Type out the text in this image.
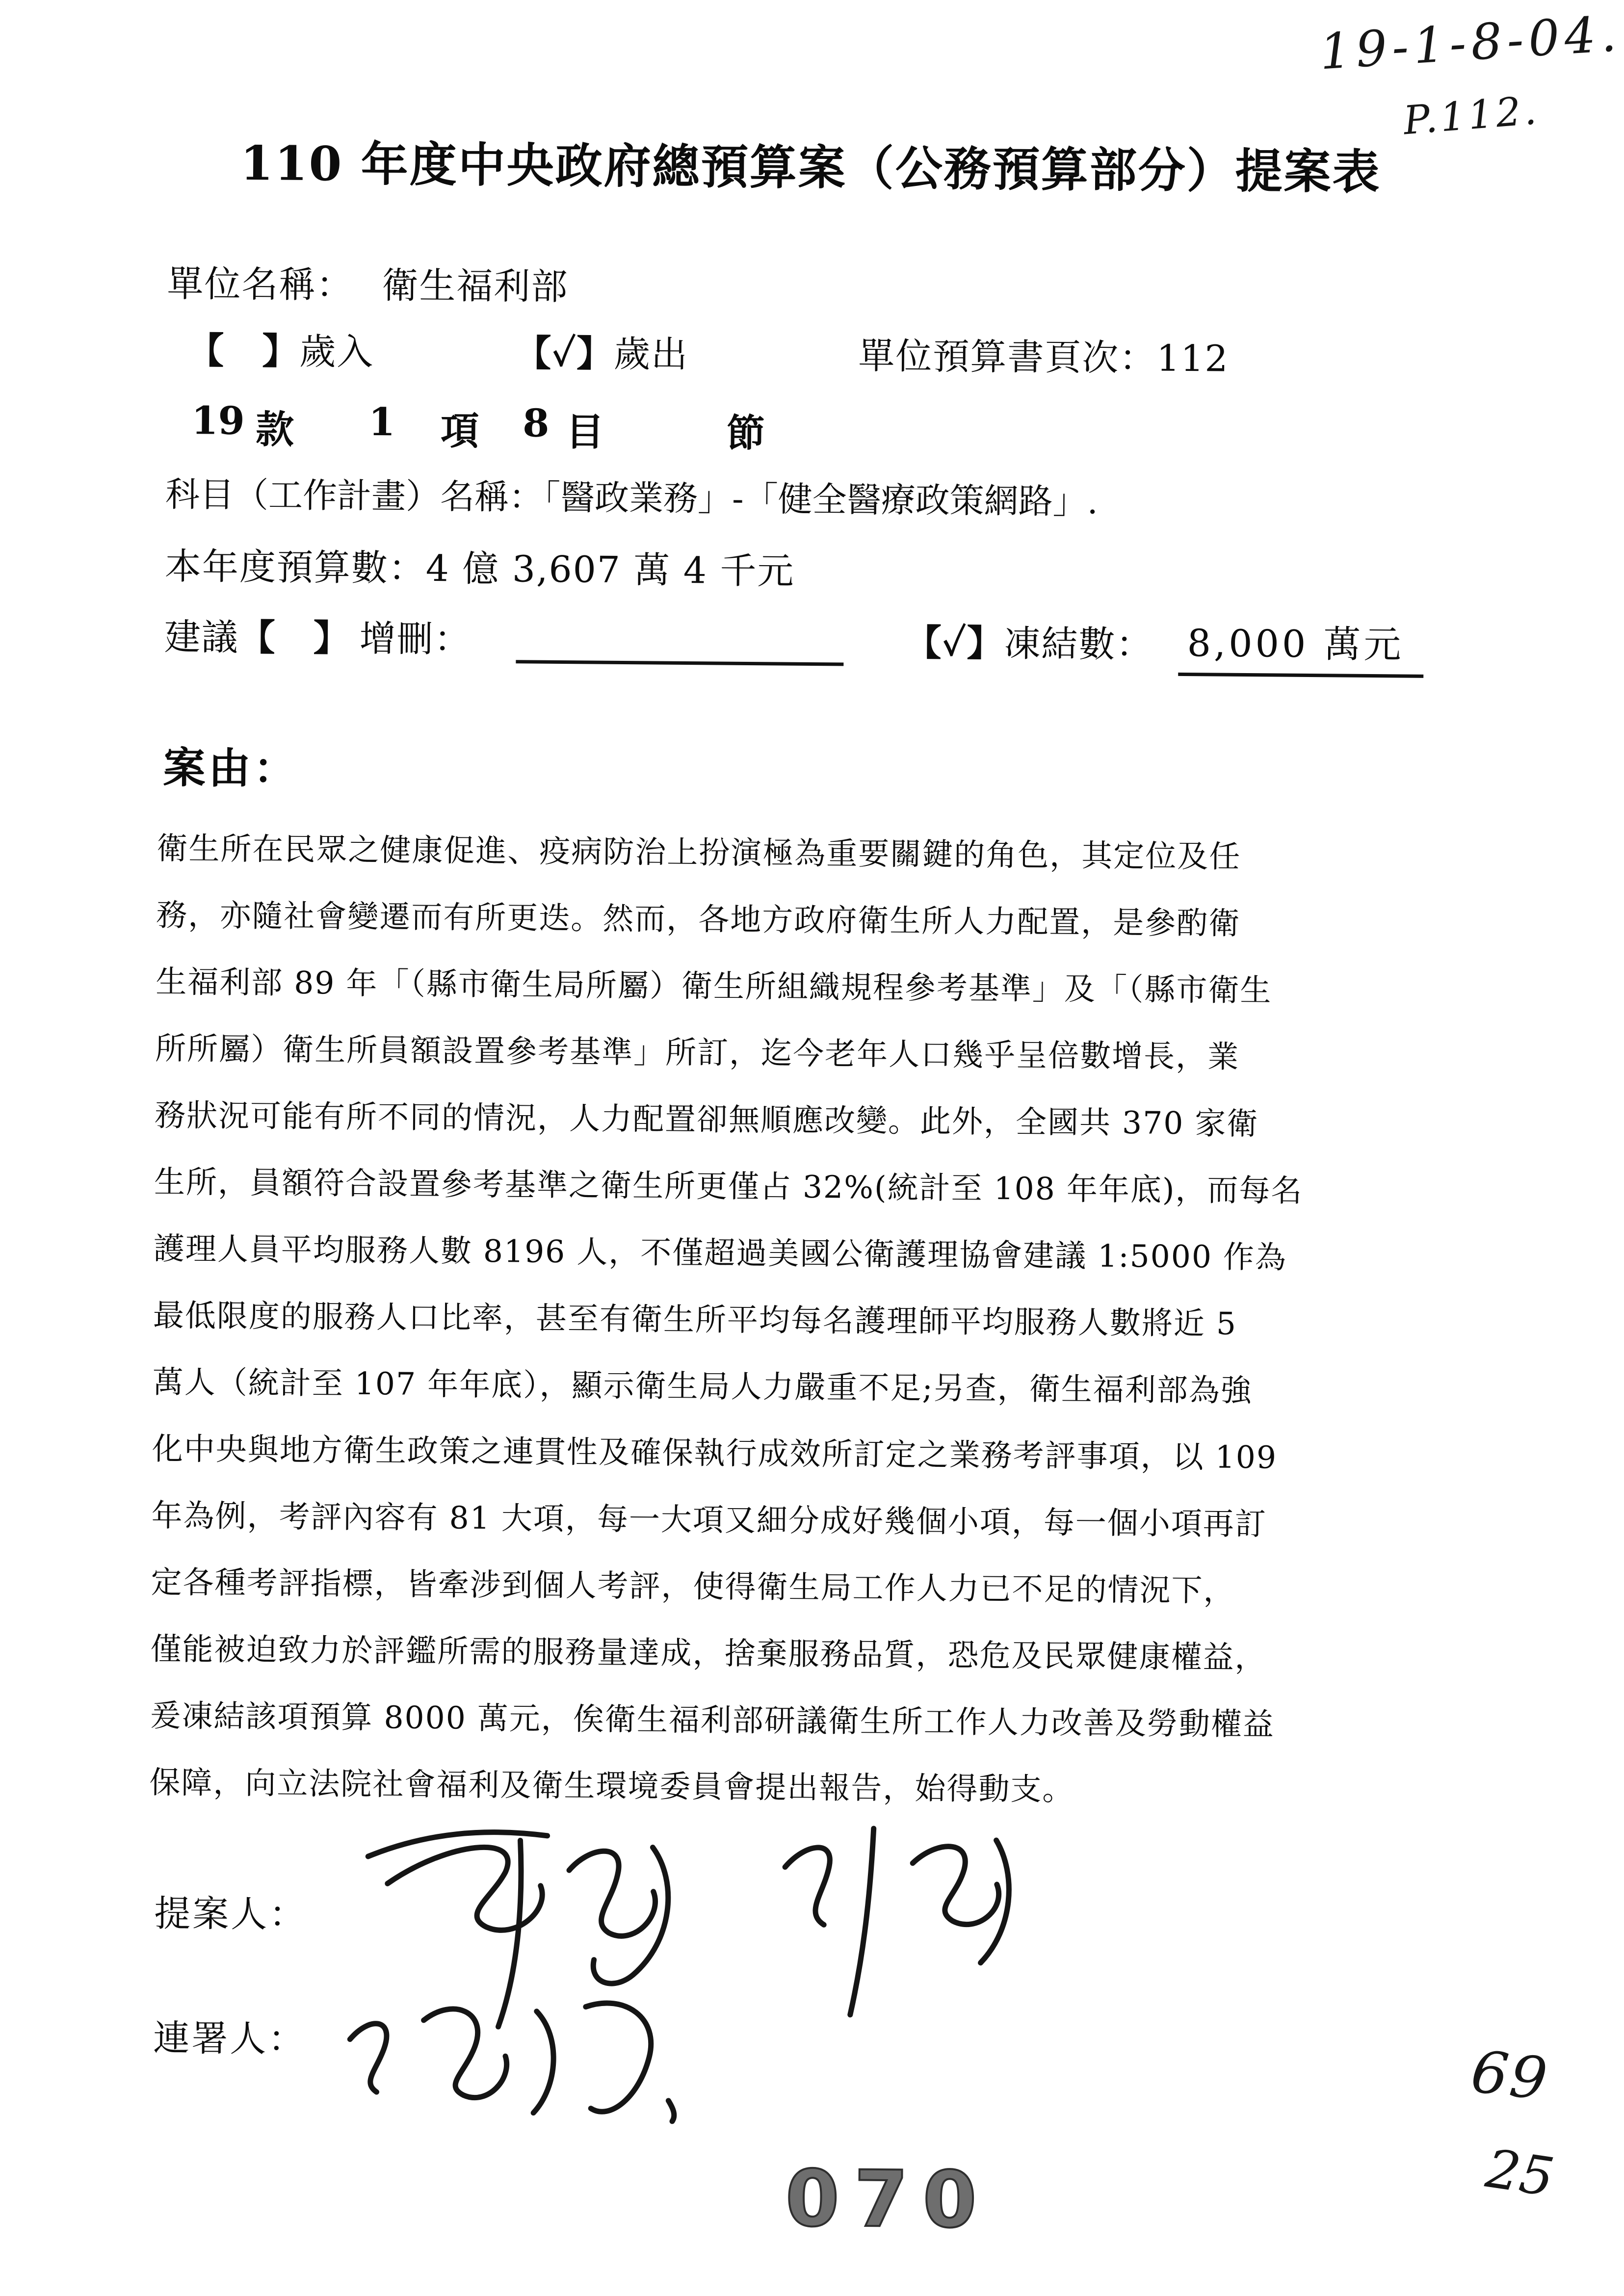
19-1-8-04.
P.112.
110 年度中央政府總預算案（公務預算部分）提案表
單位名稱： 衛生福利部
【　】歲入	【✓】歲出	單位預算書頁次：112
19 款 1 項 8 目	節
科目（工作計畫）名稱：「醫政業務」-「健全醫療政策網路」.
本年度預算數：4 億 3,607 萬 4 千元
建議【　】 增刪：	【✓】凍結數： 8,000 萬元
案由：
衛生所在民眾之健康促進、疫病防治上扮演極為重要關鍵的角色，其定位及任
務，亦隨社會變遷而有所更迭。然而，各地方政府衛生所人力配置，是參酌衛
生福利部 89 年「（縣市衛生局所屬）衛生所組織規程參考基準」及「（縣市衛生
所所屬）衛生所員額設置參考基準」所訂，迄今老年人口幾乎呈倍數增長，業
務狀況可能有所不同的情況，人力配置卻無順應改變。此外，全國共 370 家衛
生所，員額符合設置參考基準之衛生所更僅占 32%(統計至 108 年年底)，而每名
護理人員平均服務人數 8196 人，不僅超過美國公衛護理協會建議 1:5000 作為
最低限度的服務人口比率，甚至有衛生所平均每名護理師平均服務人數將近 5
萬人（統計至 107 年年底），顯示衛生局人力嚴重不足;另查，衛生福利部為強
化中央與地方衛生政策之連貫性及確保執行成效所訂定之業務考評事項，以 109
年為例，考評內容有 81 大項，每一大項又細分成好幾個小項，每一個小項再訂
定各種考評指標，皆牽涉到個人考評，使得衛生局工作人力已不足的情況下，
僅能被迫致力於評鑑所需的服務量達成，捨棄服務品質，恐危及民眾健康權益，
爰凍結該項預算 8000 萬元，俟衛生福利部研議衛生所工作人力改善及勞動權益
保障，向立法院社會福利及衛生環境委員會提出報告，始得動支。
提案人：
連署人：
070
69
25
